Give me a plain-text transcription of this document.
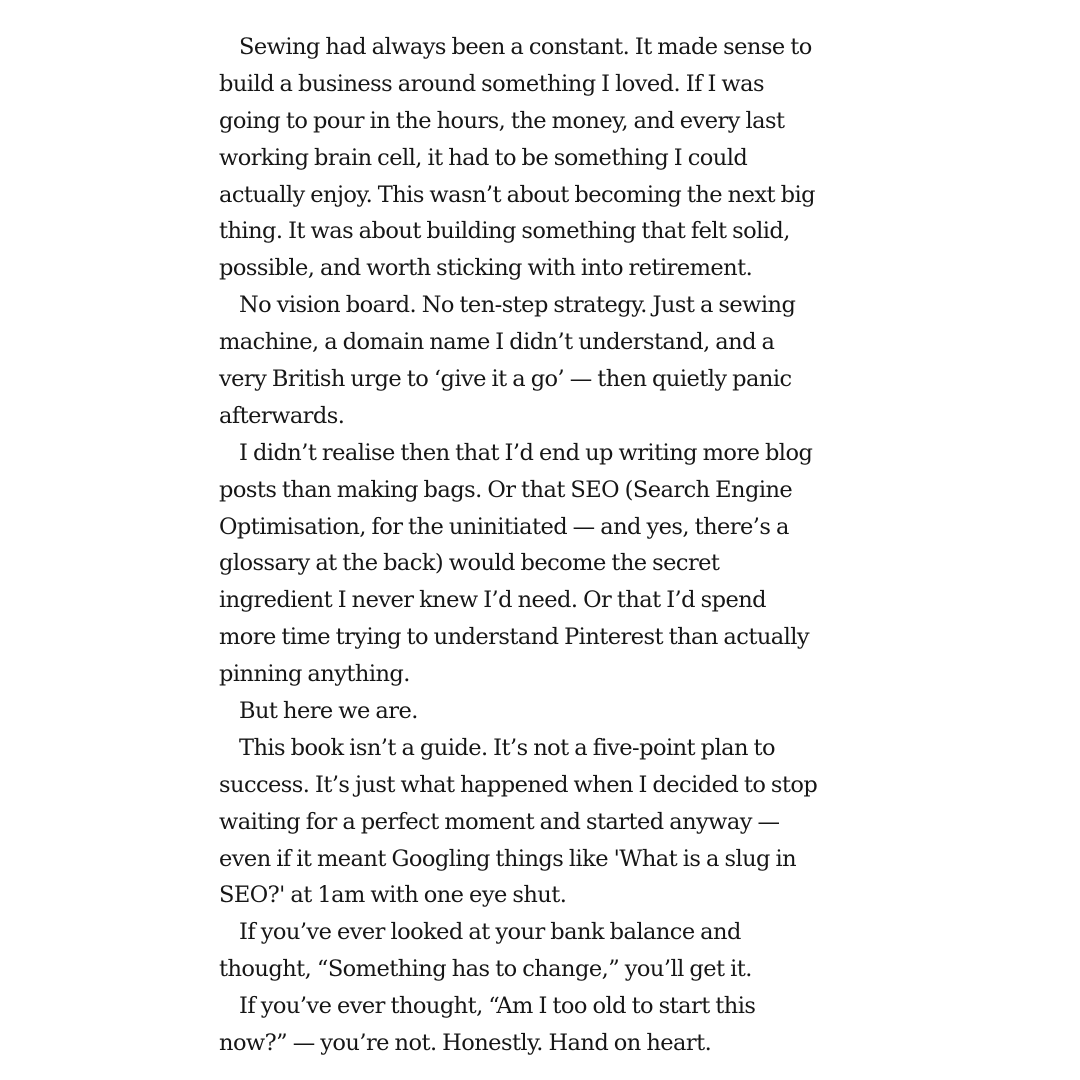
Sewing had always been a constant. It made sense to
build a business around something I loved. If I was
going to pour in the hours, the money, and every last
working brain cell, it had to be something I could
actually enjoy. This wasn’t about becoming the next big
thing. It was about building something that felt solid,
possible, and worth sticking with into retirement.
No vision board. No ten-step strategy. Just a sewing
machine, a domain name I didn’t understand, and a
very British urge to ‘give it a go’ — then quietly panic
afterwards.
I didn’t realise then that I’d end up writing more blog
posts than making bags. Or that SEO (Search Engine
Optimisation, for the uninitiated — and yes, there’s a
glossary at the back) would become the secret
ingredient I never knew I’d need. Or that I’d spend
more time trying to understand Pinterest than actually
pinning anything.
But here we are.
This book isn’t a guide. It’s not a five-point plan to
success. It’s just what happened when I decided to stop
waiting for a perfect moment and started anyway —
even if it meant Googling things like 'What is a slug in
SEO?' at 1am with one eye shut.
If you’ve ever looked at your bank balance and
thought, “Something has to change,” you’ll get it.
If you’ve ever thought, “Am I too old to start this
now?” — you’re not. Honestly. Hand on heart.
